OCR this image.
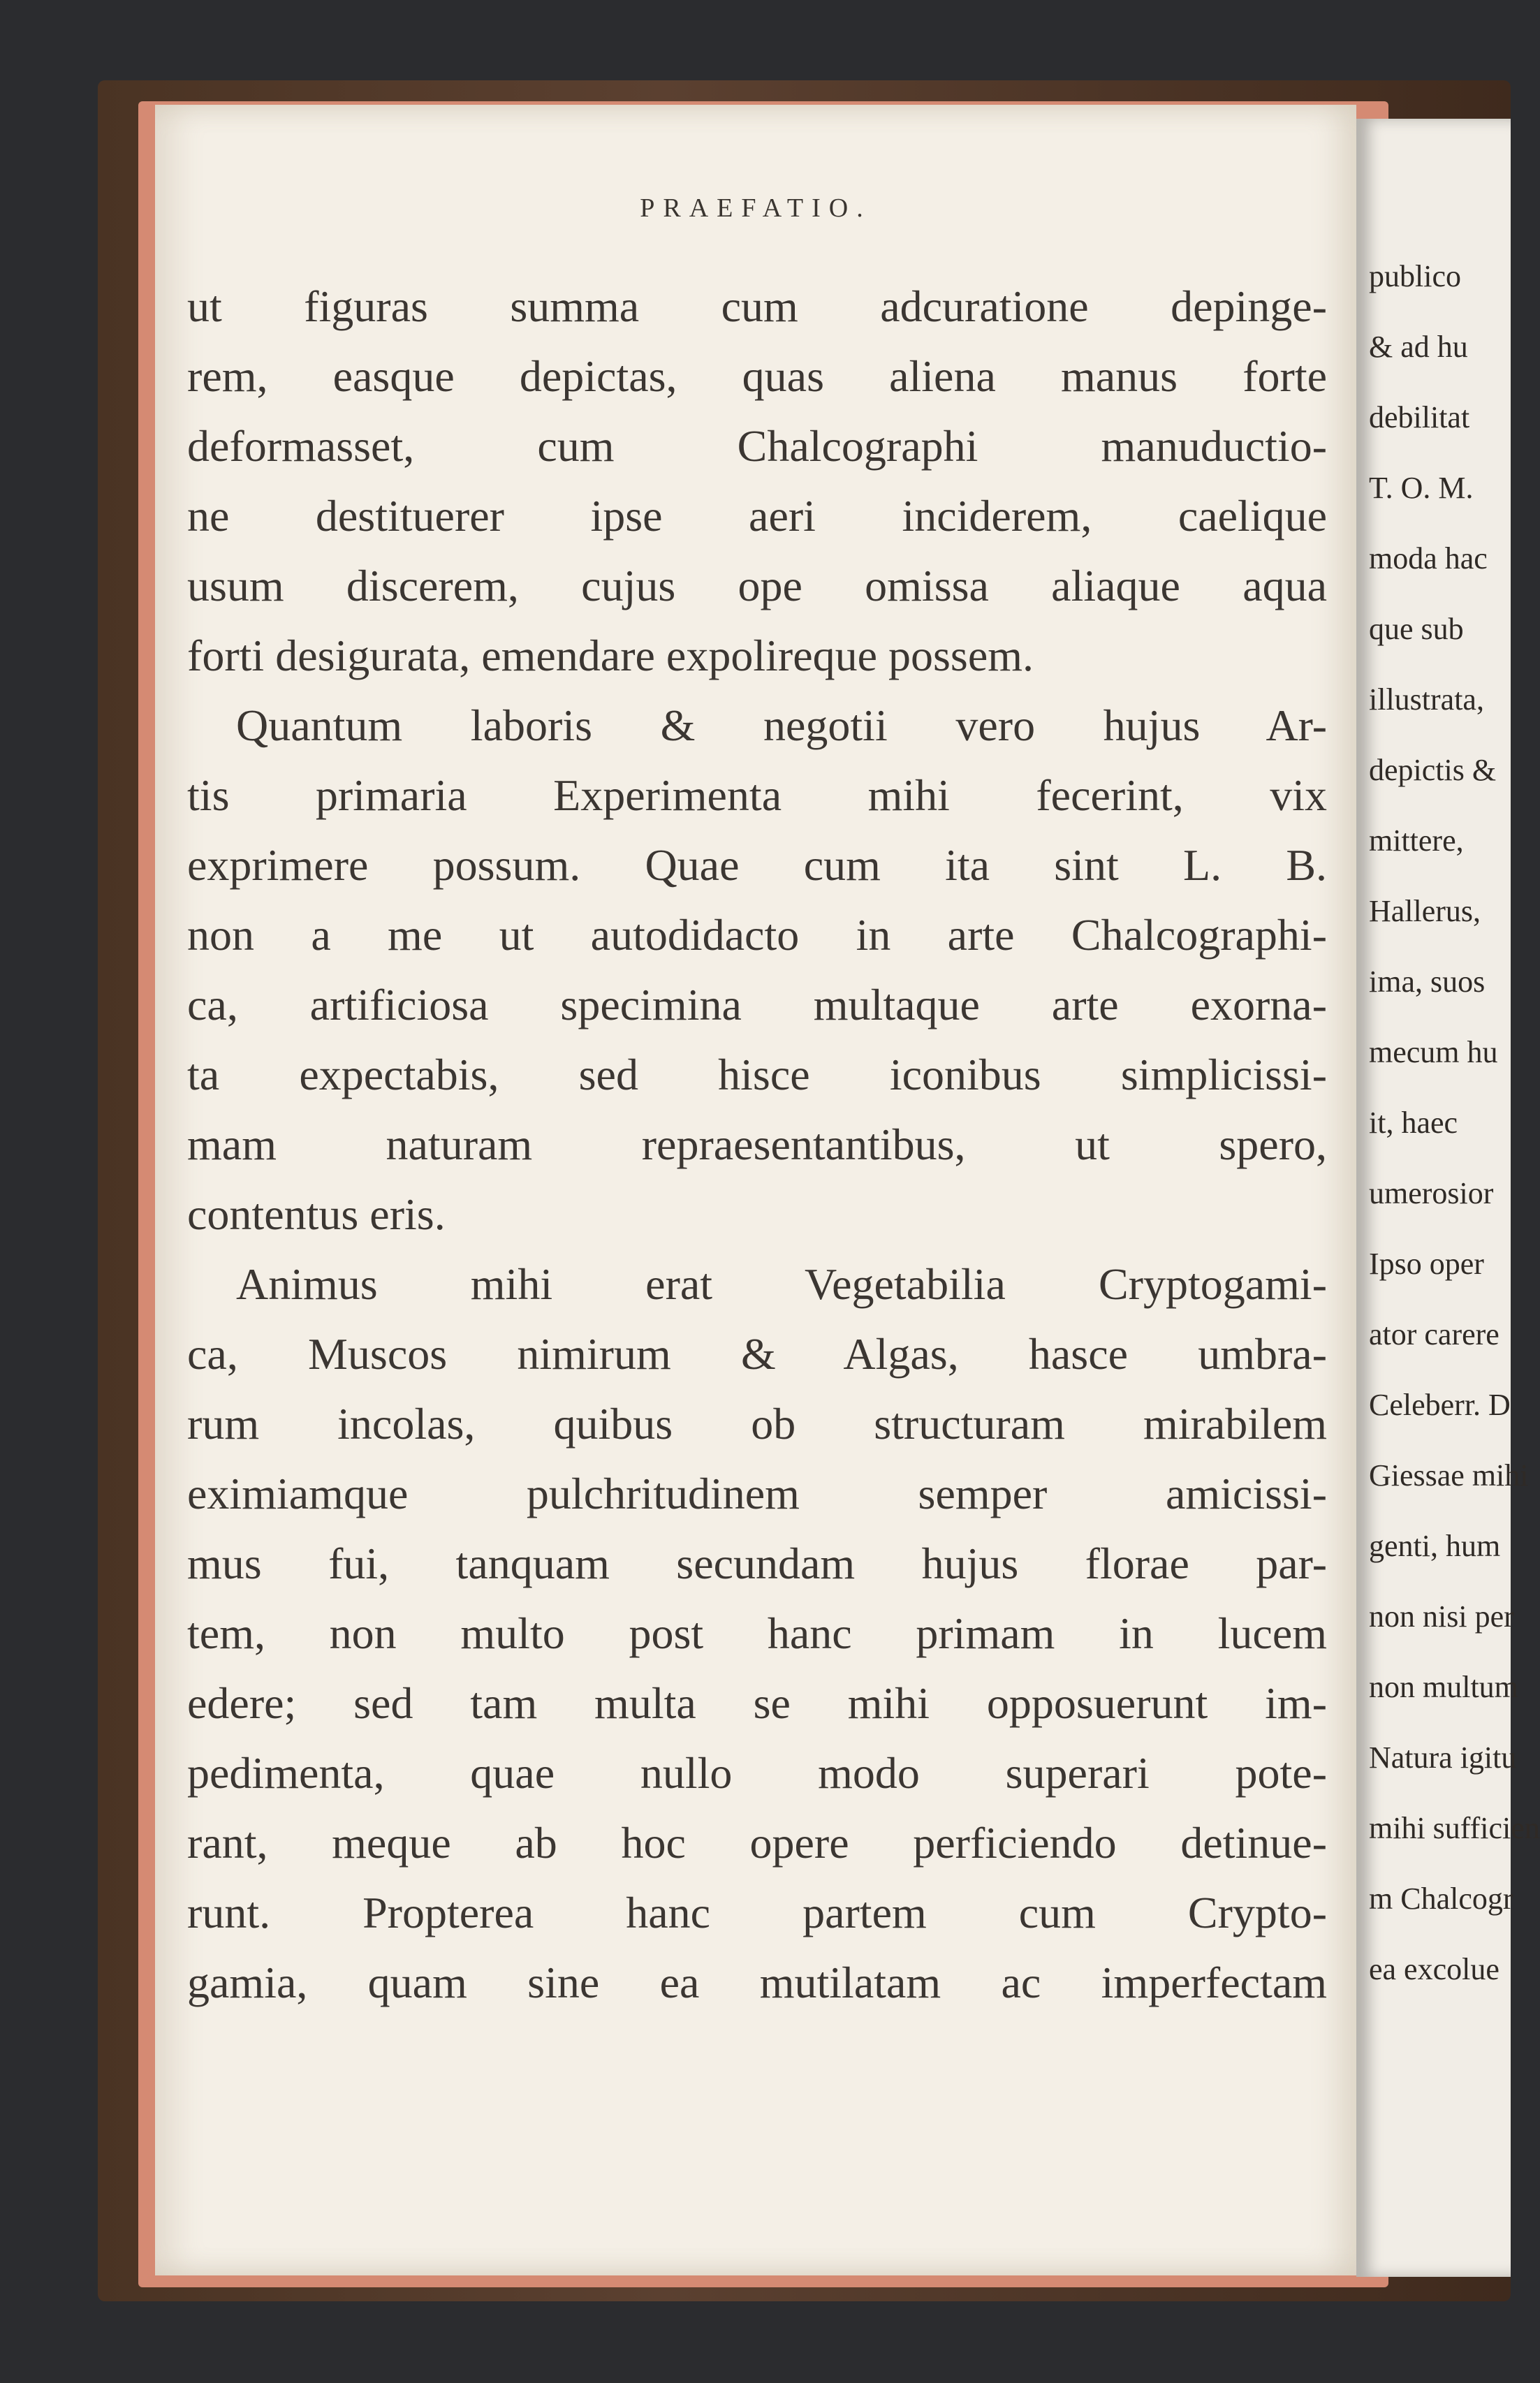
PRAEFATIO.
ut figuras summa cum adcuratione depinge-
rem, easque depictas, quas aliena manus forte
deformasset, cum Chalcographi manuductio-
ne destituerer ipse aeri inciderem, caelique
usum discerem, cujus ope omissa aliaque aqua
forti desigurata, emendare expolireque possem.
Quantum laboris & negotii vero hujus Ar-
tis primaria Experimenta mihi fecerint, vix
exprimere possum. Quae cum ita sint L. B.
non a me ut autodidacto in arte Chalcographi-
ca, artificiosa specimina multaque arte exorna-
ta expectabis, sed hisce iconibus simplicissi-
mam naturam repraesentantibus, ut spero,
contentus eris.
Animus mihi erat Vegetabilia Cryptogami-
ca, Muscos nimirum & Algas, hasce umbra-
rum incolas, quibus ob structuram mirabilem
eximiamque pulchritudinem semper amicissi-
mus fui, tanquam secundam hujus florae par-
tem, non multo post hanc primam in lucem
edere; sed tam multa se mihi opposuerunt im-
pedimenta, quae nullo modo superari pote-
rant, meque ab hoc opere perficiendo detinue-
runt. Propterea hanc partem cum Crypto-
gamia, quam sine ea mutilatam ac imperfectam
publico
& ad hu
debilitat
T. O. M.
moda hac
que sub
illustrata,
depictis &
mittere,
Hallerus,
ima, suos
mecum hu
it, haec
umerosior
Ipso oper
ator carere
Celeberr. D
Giessae mihi
genti, hum
non nisi per
non multum
Natura igitu
mihi sufficien
m Chalcogr
ea excolue
